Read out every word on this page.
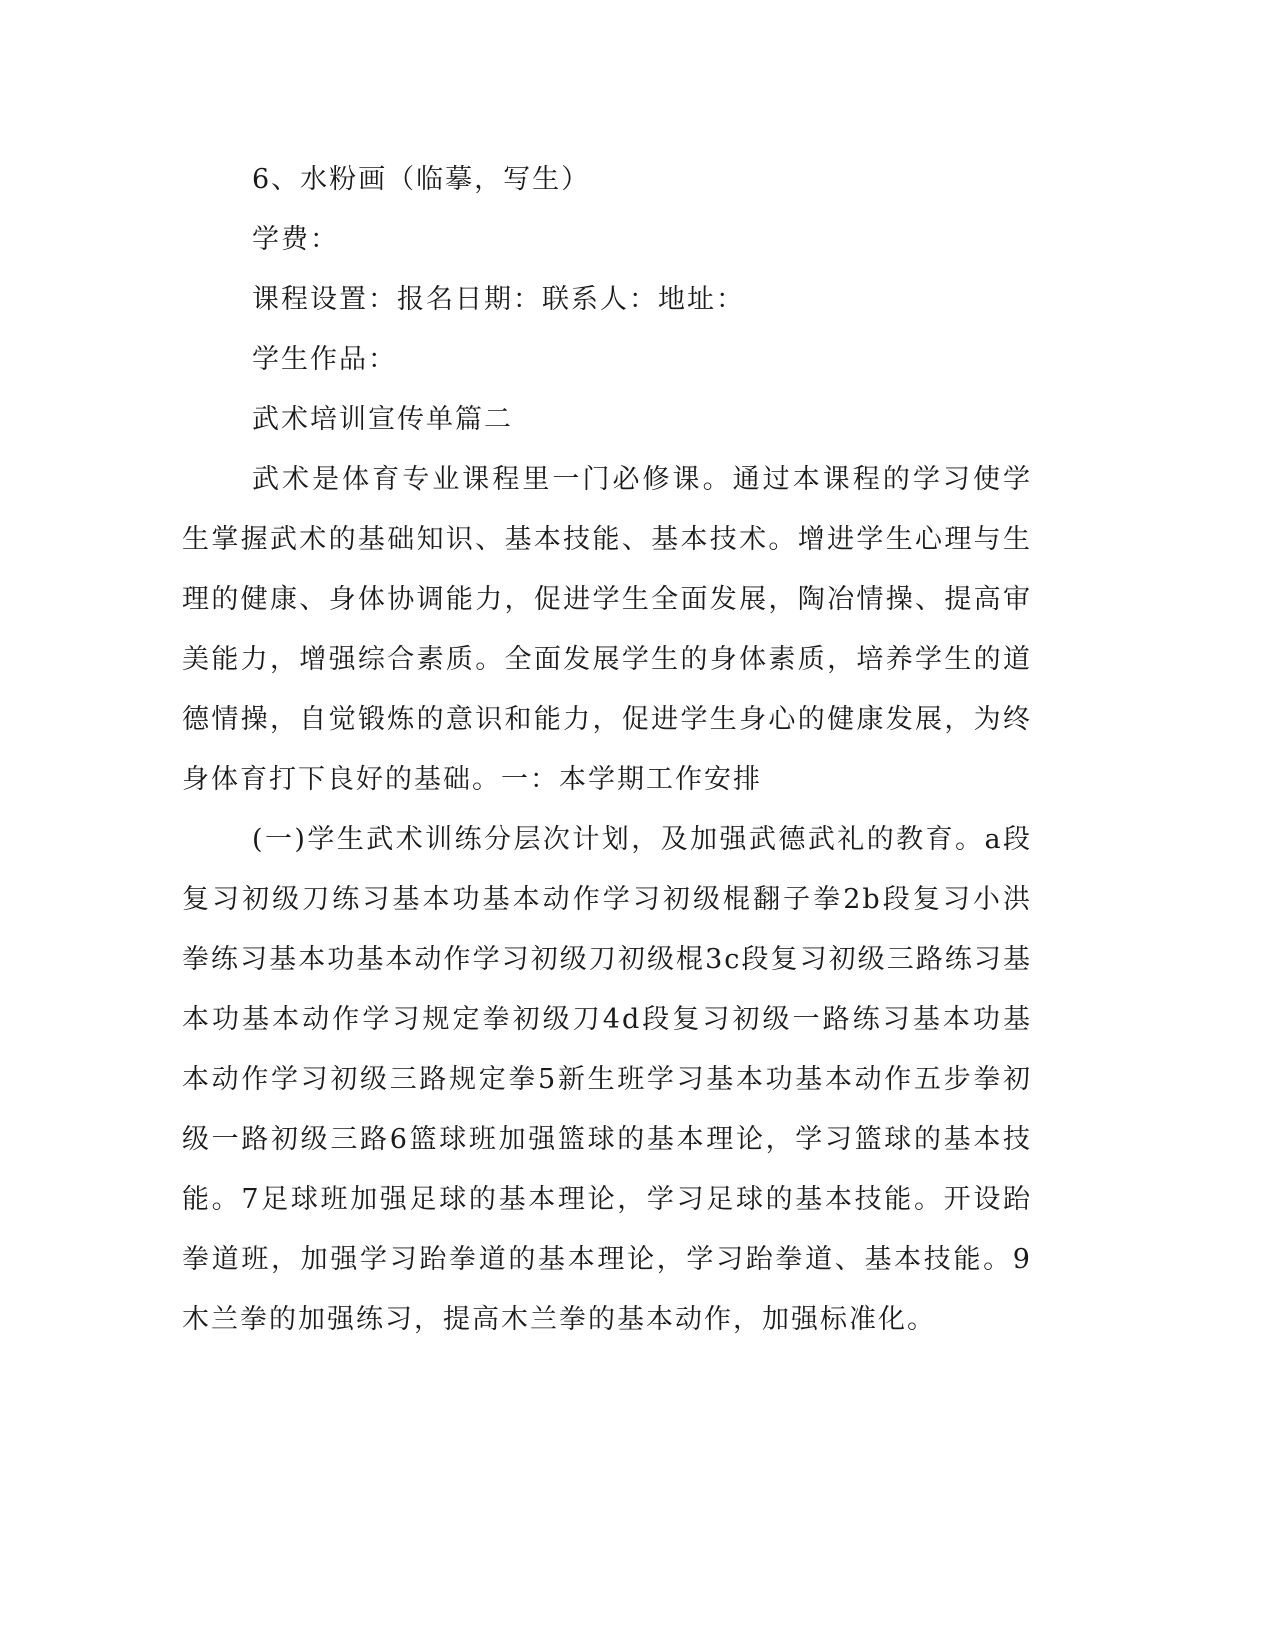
6、水粉画（临摹，写生）

学费：

课程设置：报名日期：联系人：地址：

学生作品：

武术培训宣传单篇二

武术是体育专业课程里一门必修课。通过本课程的学习使学生掌握武术的基础知识、基本技能、基本技术。增进学生心理与生理的健康、身体协调能力，促进学生全面发展，陶冶情操、提高审美能力，增强综合素质。全面发展学生的身体素质，培养学生的道德情操，自觉锻炼的意识和能力，促进学生身心的健康发展，为终身体育打下良好的基础。一：本学期工作安排

(一)学生武术训练分层次计划，及加强武德武礼的教育。a段复习初级刀练习基本功基本动作学习初级棍翻子拳2b段复习小洪拳练习基本功基本动作学习初级刀初级棍3c段复习初级三路练习基本功基本动作学习规定拳初级刀4d段复习初级一路练习基本功基本动作学习初级三路规定拳5新生班学习基本功基本动作五步拳初级一路初级三路6篮球班加强篮球的基本理论，学习篮球的基本技能。7足球班加强足球的基本理论，学习足球的基本技能。开设跆拳道班，加强学习跆拳道的基本理论，学习跆拳道、基本技能。9木兰拳的加强练习，提高木兰拳的基本动作，加强标准化。
